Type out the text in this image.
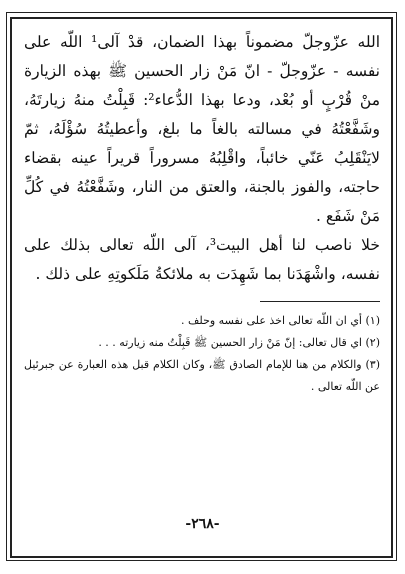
الله عزّوجلّ مضموناً بهذا الضمان، قدْ آلى¹ اللّه على نفسه - عزّوجلّ - انّ مَنْ زار الحسين ﷺ بهذه الزيارة منْ قُرْبٍ أو بُعْد، ودعا بهذا الدُّعاء²: قَبِلْتُ منهُ زيارتَهُ، وشَفَّعْتُهُ في مسالته بالغاً ما بلغ، وأعطيتُهُ سُؤْلَهُ، ثمّ لايَنْقَلِبُ عَنّي خائباً، واقْلِبُهُ مسروراً قريراً عينه بقضاء حاجته، والفوز بالجنة، والعتق من النار، وشَفَّعْتُهُ في كُلِّ مَنْ شَفَع .

خلا ناصب لنا أهل البيت³، آلى اللّه تعالى بذلك على نفسه، واشْهَدَنا بما شَهِدَت به ملائكةُ مَلَكوتِهِ على ذلك .

(١) أي ان اللّه تعالى اخذ على نفسه وحلف .

(٢) اي قال تعالى: إنّ مَنْ زار الحسين ﷺ قَبِلْتُ منه زيارته . . .

(٣) والكلام من هنا للإمام الصادق ﷺ، وكان الكلام قبل هذه العبارة عن جبرئيل عن اللّه تعالى .

-٢٦٨-
